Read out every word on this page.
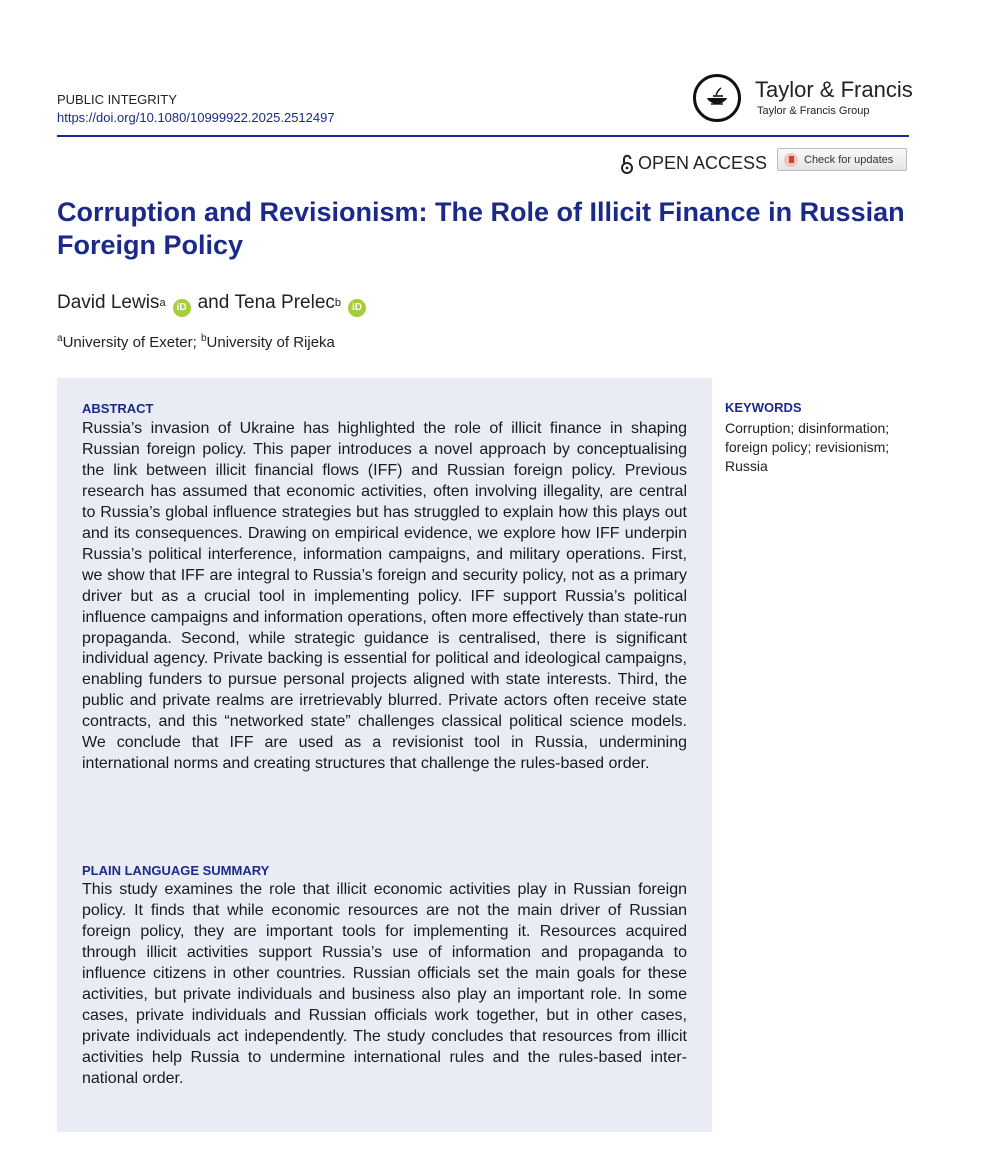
PUBLIC INTEGRITY
https://doi.org/10.1080/10999922.2025.2512497
Taylor & Francis
Taylor & Francis Group
OPEN ACCESS	Check for updates
Corruption and Revisionism: The Role of Illicit Finance in Russian Foreign Policy
David Lewis$^a$	iD and
Tena Prelec$^b$	iD
$^a$University of Exeter; $^b$University of Rijeka
ABSTRACT

Russia’s invasion of Ukraine has highlighted the role of illicit finance in shaping Russian foreign policy. This paper introduces a novel approach by conceptualising the link between illicit financial flows (IFF) and Russian foreign policy. Previous research has assumed that economic activities, often involving illegality, are central to Russia’s global influence strategies but has struggled to explain how this plays out and its consequences. Drawing on empirical evidence, we explore how IFF underpin Russia’s political interference, information campaigns, and military operations. First, we show that IFF are integral to Russia’s foreign and security policy, not as a primary driver but as a crucial tool in implementing policy. IFF support Russia’s political influence campaigns and information operations, often more effectively than state-run propaganda. Second, while strategic guidance is centralised, there is significant individual agency. Private backing is essential for political and ideological campaigns, enabling funders to pursue personal projects aligned with state interests. Third, the public and private realms are irretrievably blurred. Private actors often receive state contracts, and this “networked state” challenges classical political science models. We conclude that IFF are used as a revisionist tool in Russia, undermining international norms and creating structures that challenge the rules-based order.

PLAIN LANGUAGE SUMMARY

This study examines the role that illicit economic activities play in Russian foreign policy. It finds that while economic resources are not the main driver of Russian foreign policy, they are important tools for implementing it. Resources acquired through illicit activities support Russia’s use of information and propaganda to influence citizens in other countries. Russian officials set the main goals for these activities, but private individuals and business also play an important role. In some cases, private individuals and Russian officials work together, but in other cases, private individuals act independently. The study concludes that resources from illicit activities help Russia to undermine international rules and the rules-based international order.

KEYWORDS

Corruption; disinformation; foreign policy; revisionism; Russia
